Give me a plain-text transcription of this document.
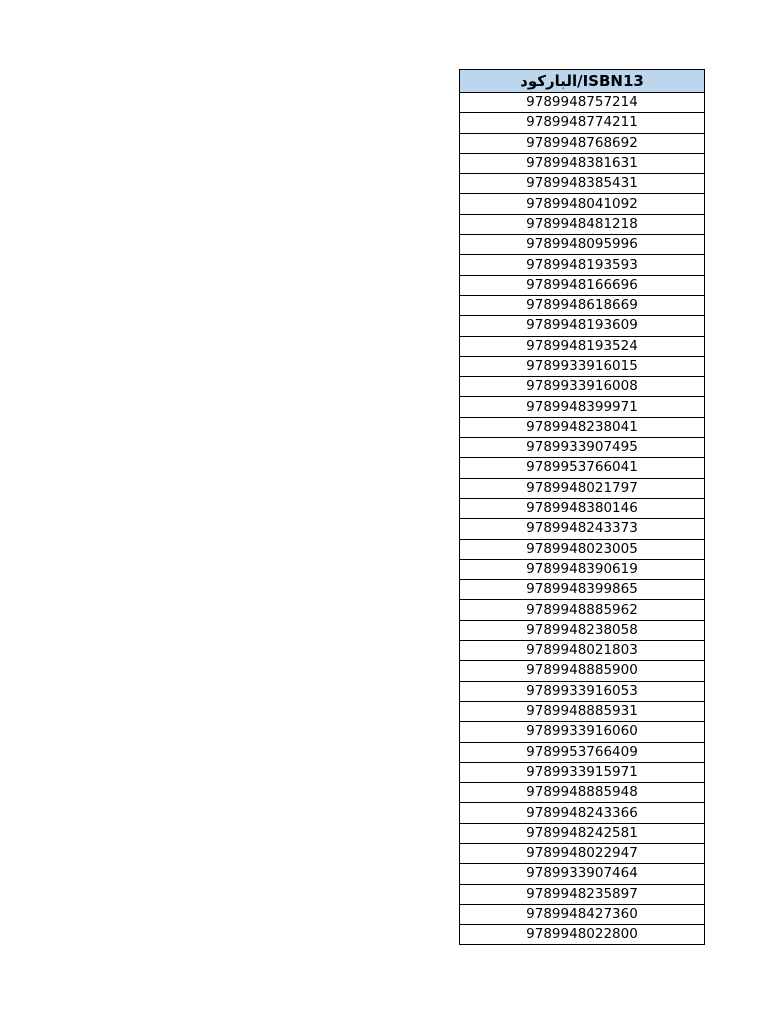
الباركود/ISBN13
9789948757214
9789948774211
9789948768692
9789948381631
9789948385431
9789948041092
9789948481218
9789948095996
9789948193593
9789948166696
9789948618669
9789948193609
9789948193524
9789933916015
9789933916008
9789948399971
9789948238041
9789933907495
9789953766041
9789948021797
9789948380146
9789948243373
9789948023005
9789948390619
9789948399865
9789948885962
9789948238058
9789948021803
9789948885900
9789933916053
9789948885931
9789933916060
9789953766409
9789933915971
9789948885948
9789948243366
9789948242581
9789948022947
9789933907464
9789948235897
9789948427360
9789948022800
